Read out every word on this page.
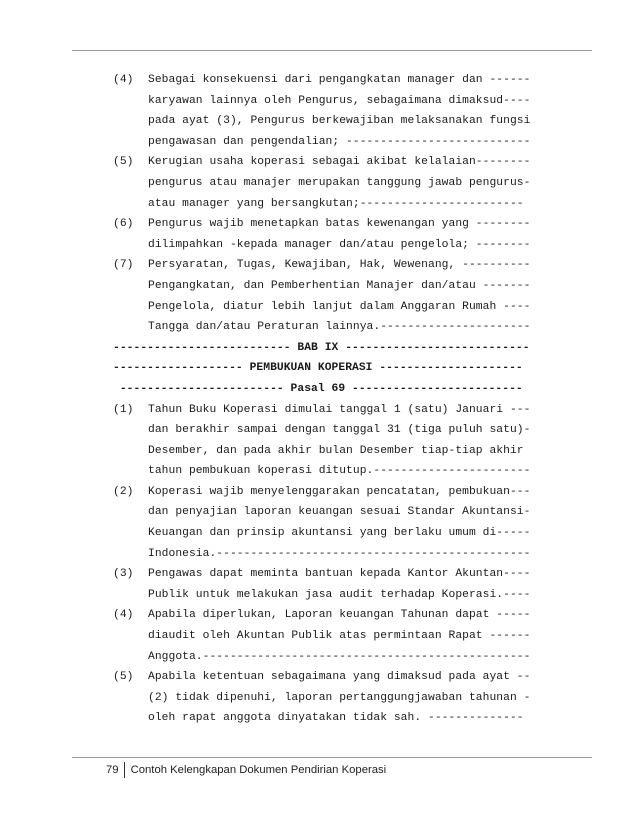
(4) Sebagai konsekuensi dari pengangkatan manager dan ------
karyawan lainnya oleh Pengurus, sebagaimana dimaksud----
pada ayat (3), Pengurus berkewajiban melaksanakan fungsi
pengawasan dan pengendalian; ---------------------------
(5) Kerugian usaha koperasi sebagai akibat kelalaian--------
pengurus atau manajer merupakan tanggung jawab pengurus-
atau manager yang bersangkutan;------------------------
(6) Pengurus wajib menetapkan batas kewenangan yang --------
dilimpahkan -kepada manager dan/atau pengelola; --------
(7) Persyaratan, Tugas, Kewajiban, Hak, Wewenang, ----------
Pengangkatan, dan Pemberhentian Manajer dan/atau -------
Pengelola, diatur lebih lanjut dalam Anggaran Rumah ----
Tangga dan/atau Peraturan lainnya.----------------------
-------------------------- BAB IX ---------------------------
------------------- PEMBUKUAN KOPERASI ---------------------
------------------------ Pasal 69 -------------------------
(1) Tahun Buku Koperasi dimulai tanggal 1 (satu) Januari ---
dan berakhir sampai dengan tanggal 31 (tiga puluh satu)-
Desember, dan pada akhir bulan Desember tiap-tiap akhir
tahun pembukuan koperasi ditutup.-----------------------
(2) Koperasi wajib menyelenggarakan pencatatan, pembukuan---
dan penyajian laporan keuangan sesuai Standar Akuntansi-
Keuangan dan prinsip akuntansi yang berlaku umum di-----
Indonesia.----------------------------------------------
(3) Pengawas dapat meminta bantuan kepada Kantor Akuntan----
Publik untuk melakukan jasa audit terhadap Koperasi.----
(4) Apabila diperlukan, Laporan keuangan Tahunan dapat -----
diaudit oleh Akuntan Publik atas permintaan Rapat ------
Anggota.------------------------------------------------
(5) Apabila ketentuan sebagaimana yang dimaksud pada ayat --
(2) tidak dipenuhi, laporan pertanggungjawaban tahunan -
oleh rapat anggota dinyatakan tidak sah. --------------
79	Contoh Kelengkapan Dokumen Pendirian Koperasi
